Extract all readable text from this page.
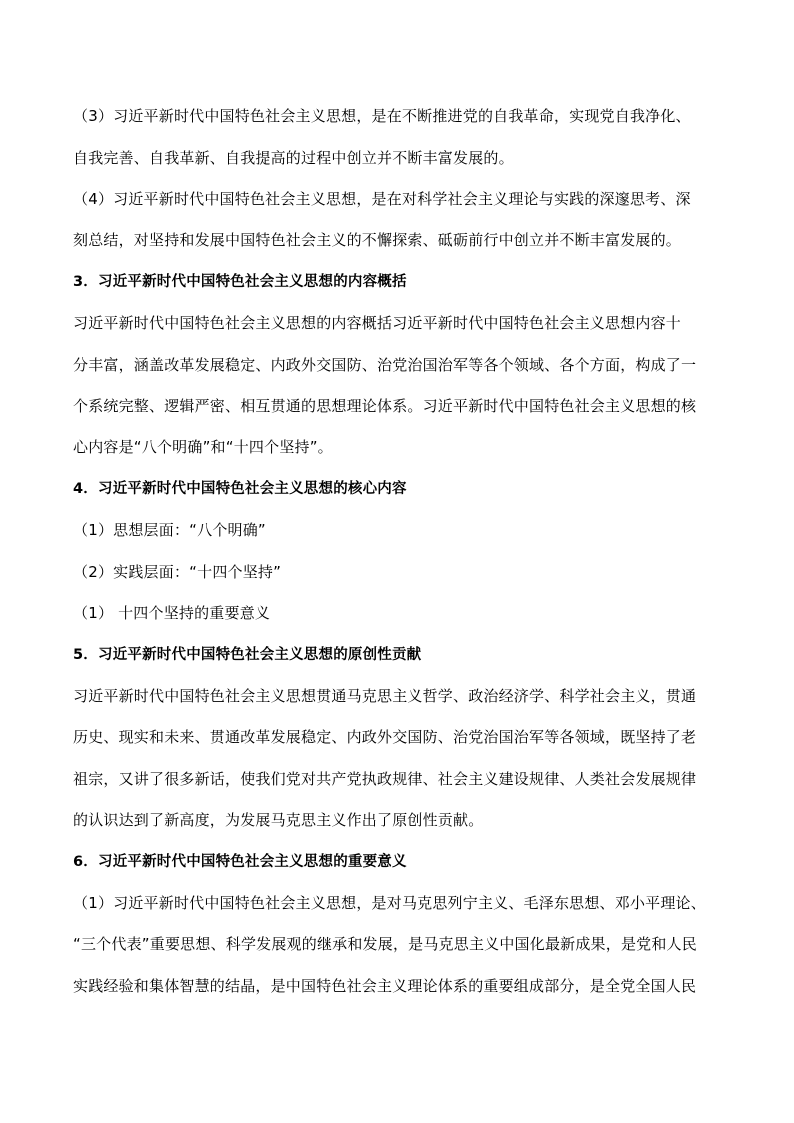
（3）习近平新时代中国特色社会主义思想，是在不断推进党的自我革命，实现党自我净化、
自我完善、自我革新、自我提高的过程中创立并不断丰富发展的。
（4）习近平新时代中国特色社会主义思想，是在对科学社会主义理论与实践的深邃思考、深
刻总结，对坚持和发展中国特色社会主义的不懈探索、砥砺前行中创立并不断丰富发展的。
3．习近平新时代中国特色社会主义思想的内容概括
习近平新时代中国特色社会主义思想的内容概括习近平新时代中国特色社会主义思想内容十
分丰富，涵盖改革发展稳定、内政外交国防、治党治国治军等各个领域、各个方面，构成了一
个系统完整、逻辑严密、相互贯通的思想理论体系。习近平新时代中国特色社会主义思想的核
心内容是“八个明确”和“十四个坚持”。
4．习近平新时代中国特色社会主义思想的核心内容
（1）思想层面：“八个明确”
（2）实践层面：“十四个坚持”
（1） 十四个坚持的重要意义
5．习近平新时代中国特色社会主义思想的原创性贡献
习近平新时代中国特色社会主义思想贯通马克思主义哲学、政治经济学、科学社会主义，贯通
历史、现实和未来、贯通改革发展稳定、内政外交国防、治党治国治军等各领域，既坚持了老
祖宗，又讲了很多新话，使我们党对共产党执政规律、社会主义建设规律、人类社会发展规律
的认识达到了新高度，为发展马克思主义作出了原创性贡献。
6．习近平新时代中国特色社会主义思想的重要意义
（1）习近平新时代中国特色社会主义思想，是对马克思列宁主义、毛泽东思想、邓小平理论、
“三个代表”重要思想、科学发展观的继承和发展，是马克思主义中国化最新成果，是党和人民
实践经验和集体智慧的结晶，是中国特色社会主义理论体系的重要组成部分，是全党全国人民
